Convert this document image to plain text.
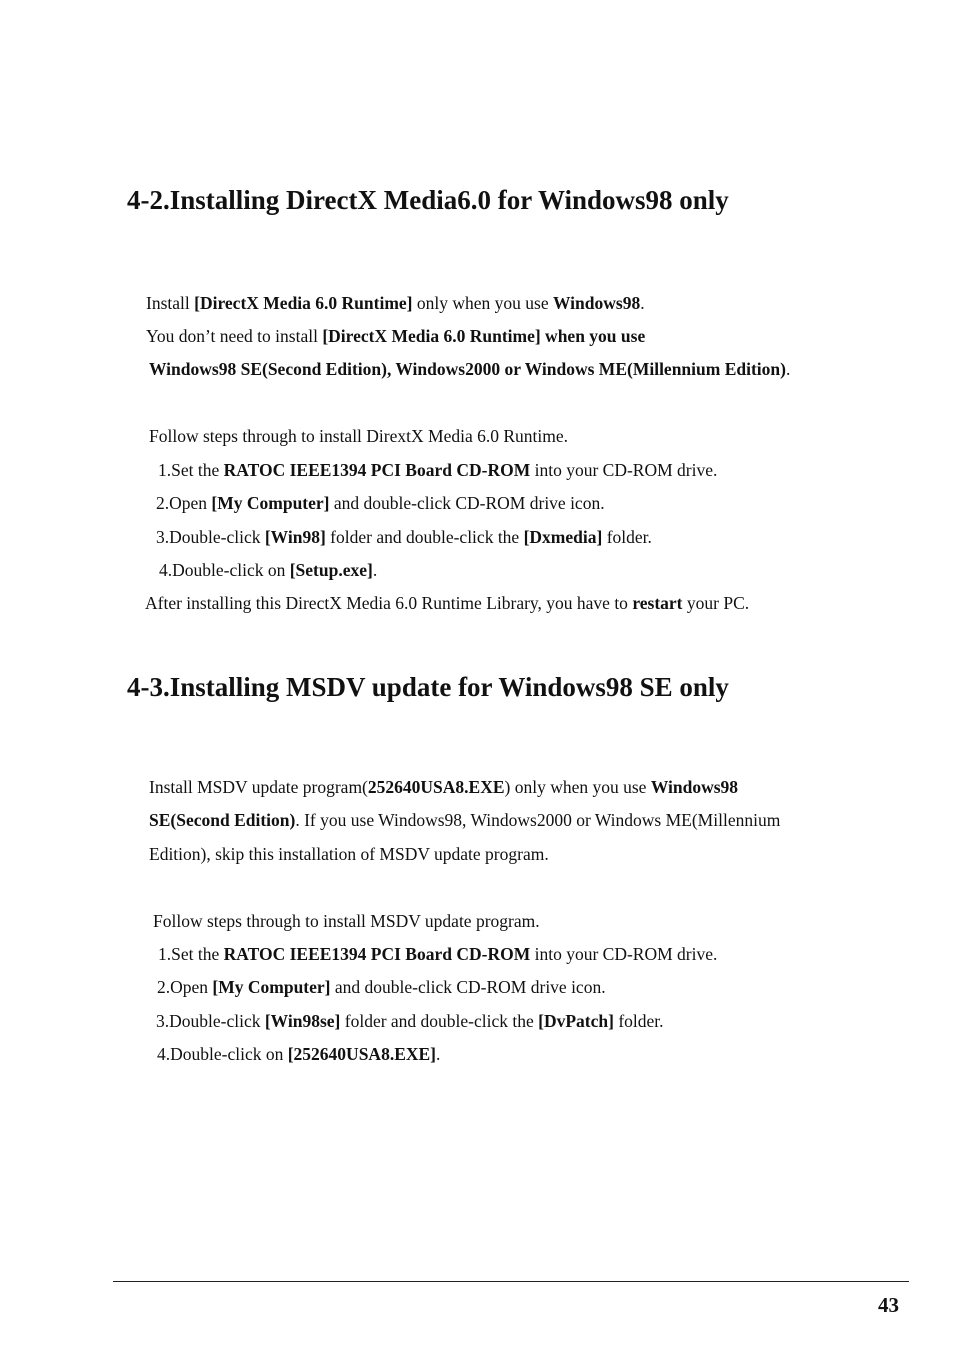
4-2.Installing DirectX Media6.0 for Windows98 only
Install [DirectX Media 6.0 Runtime] only when you use Windows98.
You don’t need to install [DirectX Media 6.0 Runtime] when you use
Windows98 SE(Second Edition), Windows2000 or Windows ME(Millennium Edition).
Follow steps through to install DirextX Media 6.0 Runtime.
1.Set the RATOC IEEE1394 PCI Board CD-ROM into your CD-ROM drive.
2.Open [My Computer] and double-click CD-ROM drive icon.
3.Double-click [Win98] folder and double-click the [Dxmedia] folder.
4.Double-click on [Setup.exe].
After installing this DirectX Media 6.0 Runtime Library, you have to restart your PC.
4-3.Installing MSDV update for Windows98 SE only
Install MSDV update program(252640USA8.EXE) only when you use Windows98
SE(Second Edition). If you use Windows98, Windows2000 or Windows ME(Millennium
Edition), skip this installation of MSDV update program.
Follow steps through to install MSDV update program.
1.Set the RATOC IEEE1394 PCI Board CD-ROM into your CD-ROM drive.
2.Open [My Computer] and double-click CD-ROM drive icon.
3.Double-click [Win98se] folder and double-click the [DvPatch] folder.
4.Double-click on [252640USA8.EXE].
43
